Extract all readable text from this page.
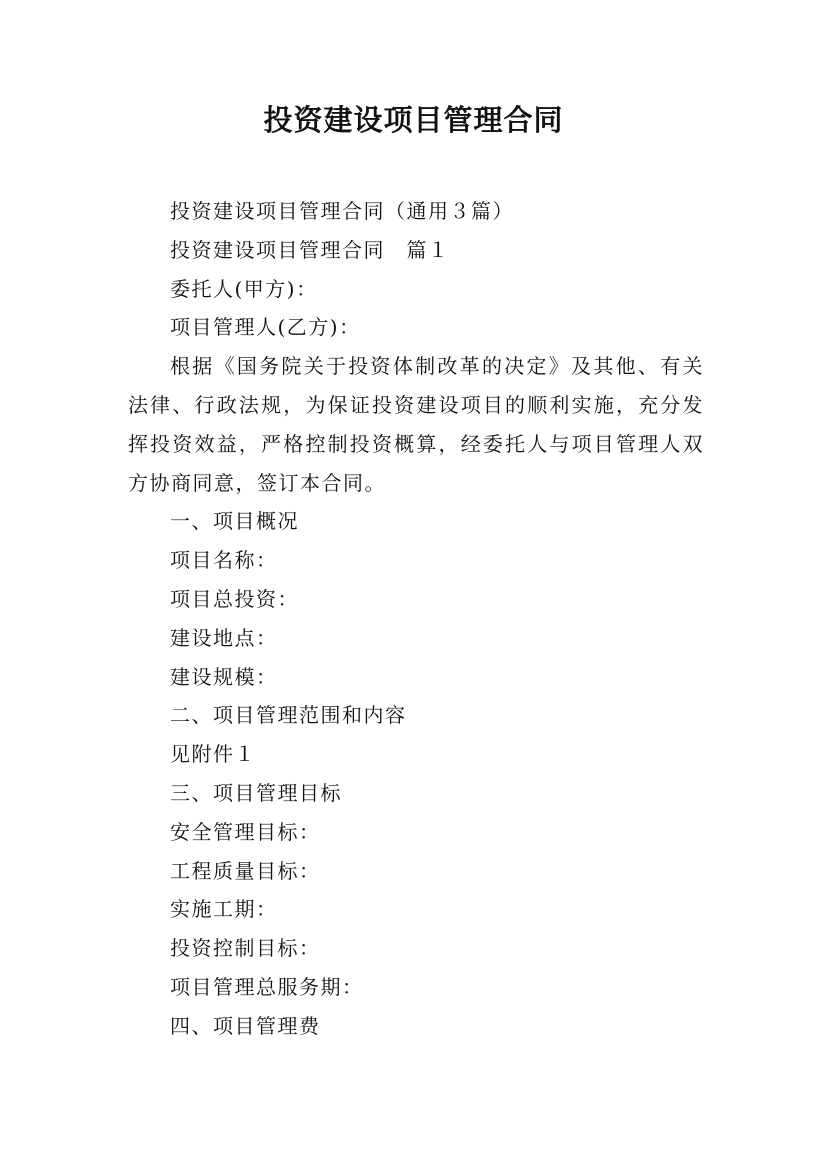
投资建设项目管理合同
投资建设项目管理合同（通用３篇）
投资建设项目管理合同　篇１
委托人(甲方)：
项目管理人(乙方)：
根据《国务院关于投资体制改革的决定》及其他、有关法律、行政法规，为保证投资建设项目的顺利实施，充分发挥投资效益，严格控制投资概算，经委托人与项目管理人双方协商同意，签订本合同。
一、项目概况
项目名称：
项目总投资：
建设地点：
建设规模：
二、项目管理范围和内容
见附件１
三、项目管理目标
安全管理目标：
工程质量目标：
实施工期：
投资控制目标：
项目管理总服务期：
四、项目管理费
